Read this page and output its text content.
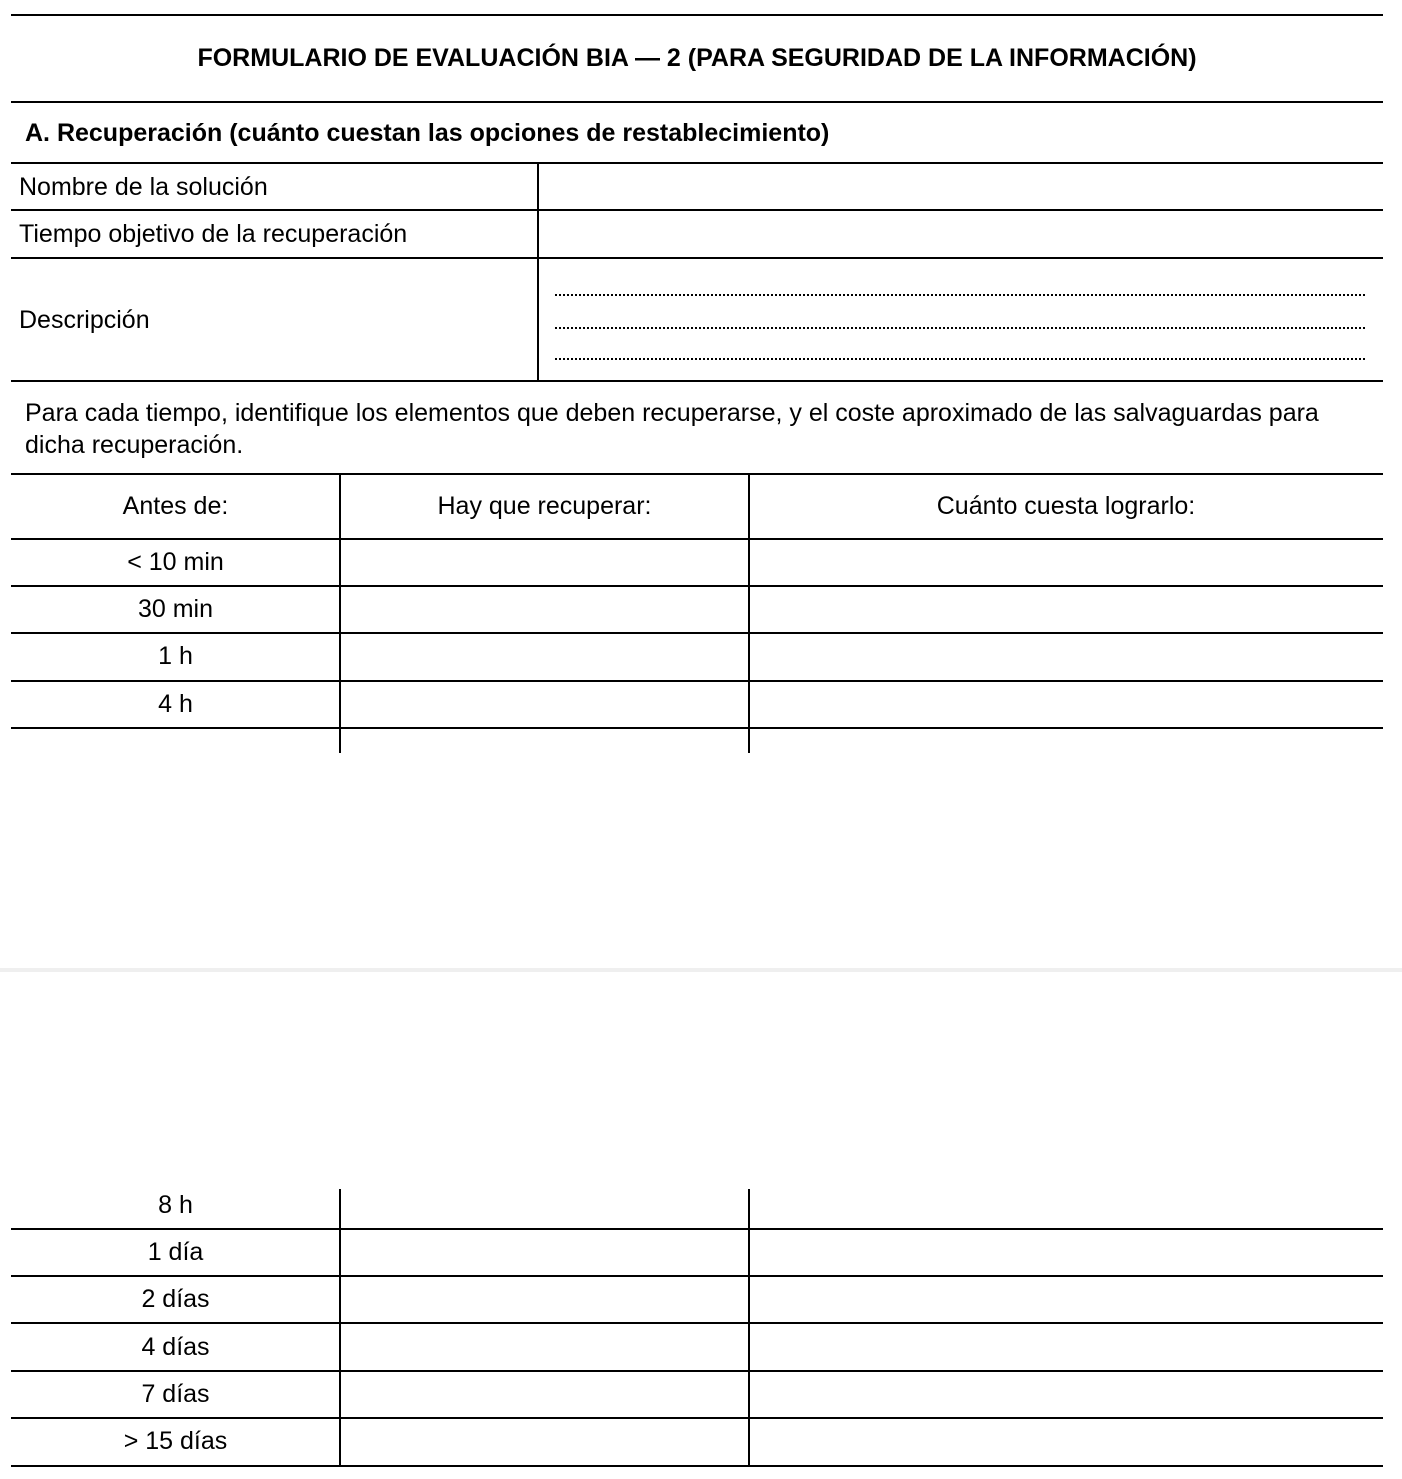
FORMULARIO DE EVALUACIÓN BIA — 2 (PARA SEGURIDAD DE LA INFORMACIÓN)
A. Recuperación (cuánto cuestan las opciones de restablecimiento)
Nombre de la solución
Tiempo objetivo de la recuperación
Descripción
Para cada tiempo, identifique los elementos que deben recuperarse, y el coste aproximado de las salvaguardas para dicha recuperación.
Antes de:	Hay que recuperar:	Cuánto cuesta lograrlo:
< 10 min
30 min
1 h
4 h
8 h
1 día
2 días
4 días
7 días
> 15 días
